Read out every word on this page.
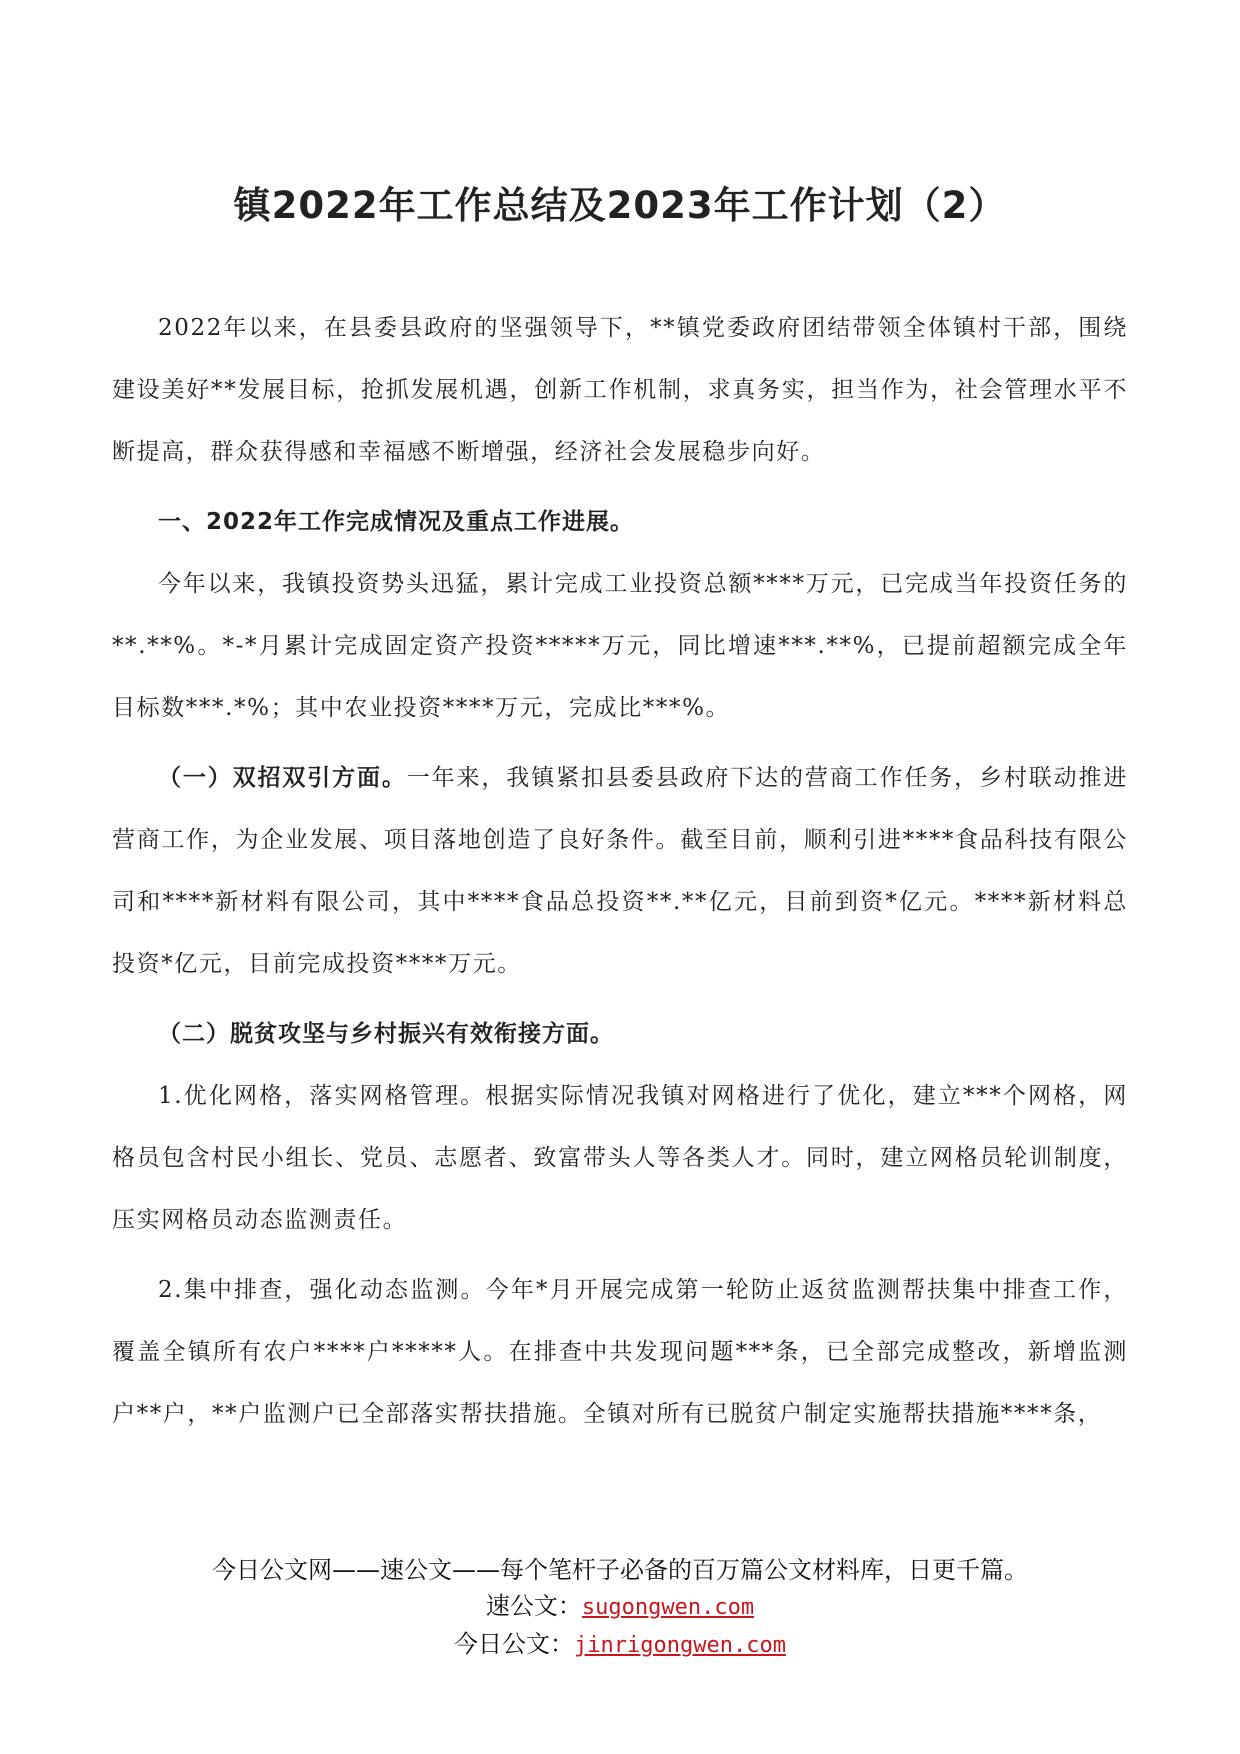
镇2022年工作总结及2023年工作计划（2）

2022年以来，在县委县政府的坚强领导下，**镇党委政府团结带领全体镇村干部，围绕建设美好**发展目标，抢抓发展机遇，创新工作机制，求真务实，担当作为，社会管理水平不断提高，群众获得感和幸福感不断增强，经济社会发展稳步向好。

一、2022年工作完成情况及重点工作进展。

今年以来，我镇投资势头迅猛，累计完成工业投资总额****万元，已完成当年投资任务的**.**%。*-*月累计完成固定资产投资*****万元，同比增速***.**%，已提前超额完成全年目标数***.*%；其中农业投资****万元，完成比***%。

（一）双招双引方面。一年来，我镇紧扣县委县政府下达的营商工作任务，乡村联动推进营商工作，为企业发展、项目落地创造了良好条件。截至目前，顺利引进****食品科技有限公司和****新材料有限公司，其中****食品总投资**.**亿元，目前到资*亿元。****新材料总投资*亿元，目前完成投资****万元。

（二）脱贫攻坚与乡村振兴有效衔接方面。

1.优化网格，落实网格管理。根据实际情况我镇对网格进行了优化，建立***个网格，网格员包含村民小组长、党员、志愿者、致富带头人等各类人才。同时，建立网格员轮训制度，压实网格员动态监测责任。

2.集中排查，强化动态监测。今年*月开展完成第一轮防止返贫监测帮扶集中排查工作，覆盖全镇所有农户****户*****人。在排查中共发现问题***条，已全部完成整改，新增监测户**户，**户监测户已全部落实帮扶措施。全镇对所有已脱贫户制定实施帮扶措施****条，

今日公文网——速公文——每个笔杆子必备的百万篇公文材料库，日更千篇。

速公文：sugongwen.com

今日公文：jinrigongwen.com
